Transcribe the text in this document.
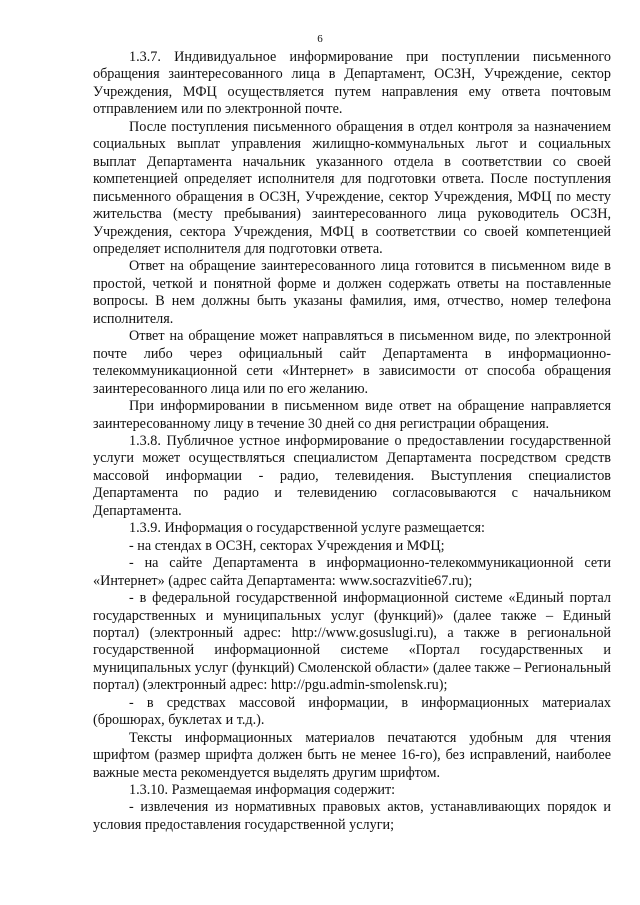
6

1.3.7. Индивидуальное информирование при поступлении письменного обращения заинтересованного лица в Департамент, ОСЗН, Учреждение, сектор Учреждения, МФЦ осуществляется путем направления ему ответа почтовым отправлением или по электронной почте.

После поступления письменного обращения в отдел контроля за назначением социальных выплат управления жилищно-коммунальных льгот и социальных выплат Департамента начальник указанного отдела в соответствии со своей компетенцией определяет исполнителя для подготовки ответа. После поступления письменного обращения в ОСЗН, Учреждение, сектор Учреждения, МФЦ по месту жительства (месту пребывания) заинтересованного лица руководитель ОСЗН, Учреждения, сектора Учреждения, МФЦ в соответствии со своей компетенцией определяет исполнителя для подготовки ответа.

Ответ на обращение заинтересованного лица готовится в письменном виде в простой, четкой и понятной форме и должен содержать ответы на поставленные вопросы. В нем должны быть указаны фамилия, имя, отчество, номер телефона исполнителя.

Ответ на обращение может направляться в письменном виде, по электронной почте либо через официальный сайт Департамента в информационно-телекоммуникационной сети «Интернет» в зависимости от способа обращения заинтересованного лица или по его желанию.

При информировании в письменном виде ответ на обращение направляется заинтересованному лицу в течение 30 дней со дня регистрации обращения.

1.3.8. Публичное устное информирование о предоставлении государственной услуги может осуществляться специалистом Департамента посредством средств массовой информации - радио, телевидения. Выступления специалистов Департамента по радио и телевидению согласовываются с начальником Департамента.

1.3.9. Информация о государственной услуге размещается:

- на стендах в ОСЗН, секторах Учреждения и МФЦ;

- на сайте Департамента в информационно-телекоммуникационной сети «Интернет» (адрес сайта Департамента: www.socrazvitie67.ru);

- в федеральной государственной информационной системе «Единый портал государственных и муниципальных услуг (функций)» (далее также – Единый портал) (электронный адрес: http://www.gosuslugi.ru), а также в региональной государственной информационной системе «Портал государственных и муниципальных услуг (функций) Смоленской области» (далее также – Региональный портал) (электронный адрес: http://pgu.admin-smolensk.ru);

- в средствах массовой информации, в информационных материалах (брошюрах, буклетах и т.д.).

Тексты информационных материалов печатаются удобным для чтения шрифтом (размер шрифта должен быть не менее 16-го), без исправлений, наиболее важные места рекомендуется выделять другим шрифтом.

1.3.10. Размещаемая информация содержит:

- извлечения из нормативных правовых актов, устанавливающих порядок и условия предоставления государственной услуги;
